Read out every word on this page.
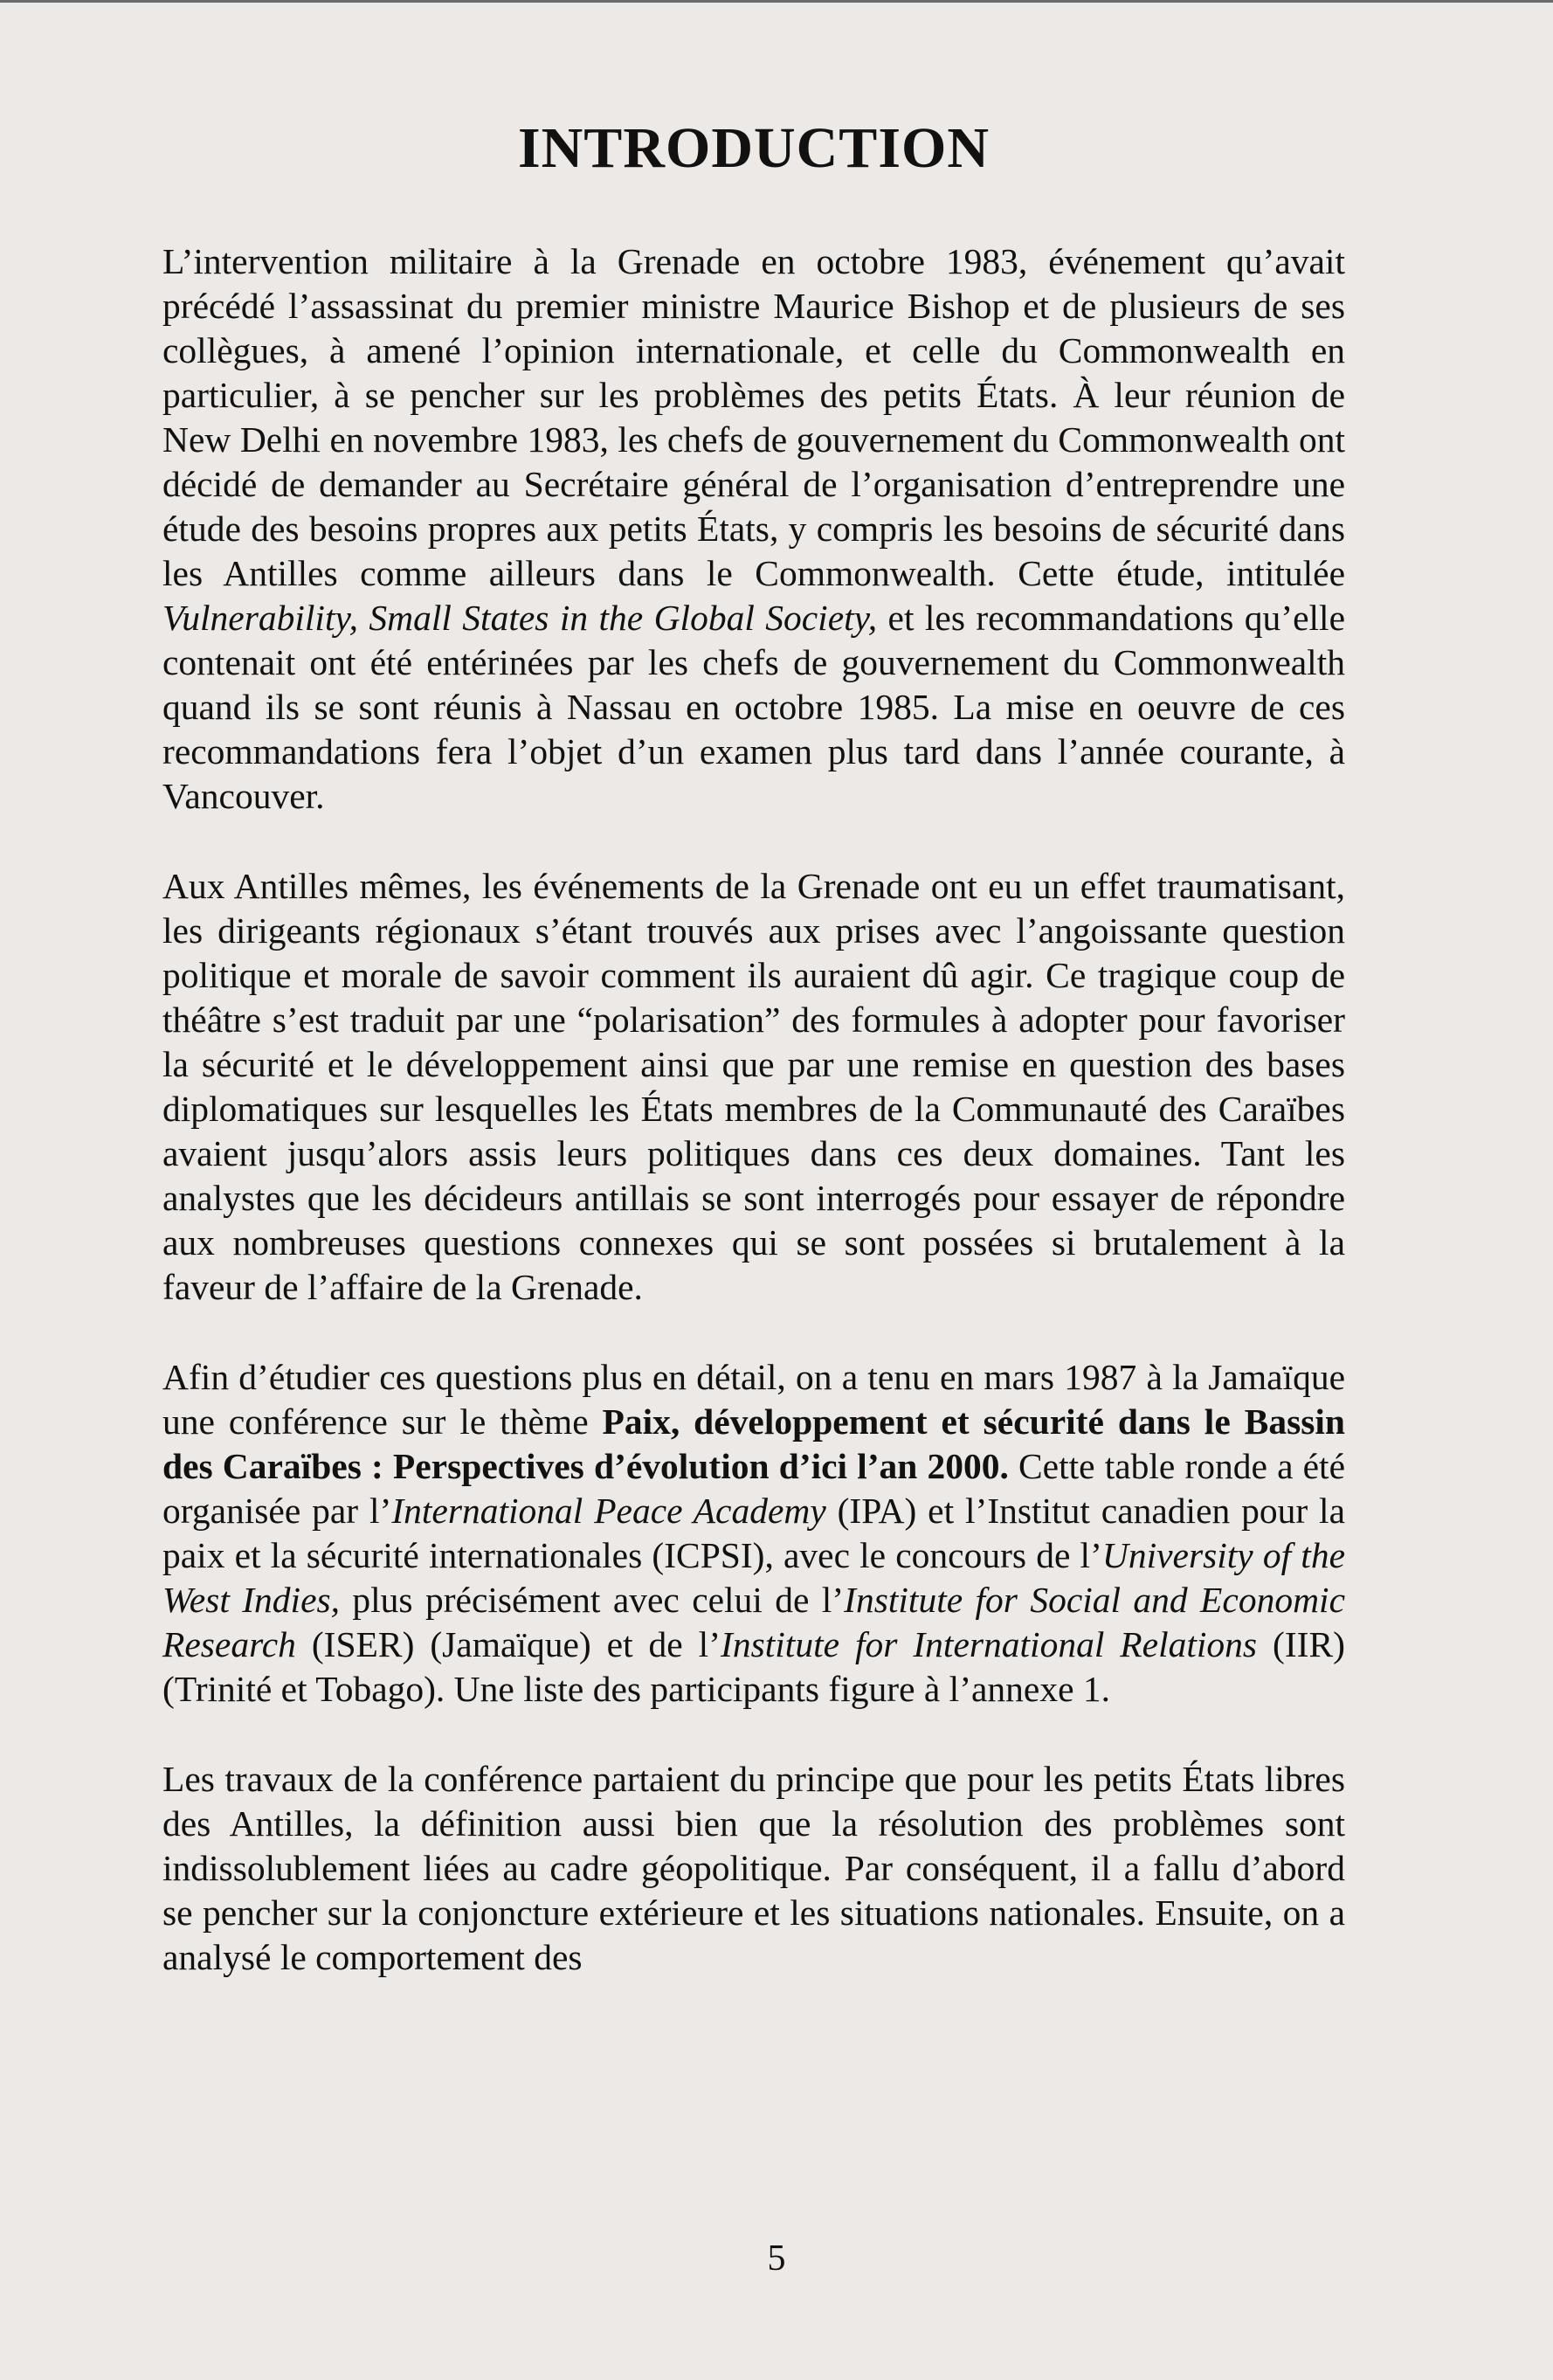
INTRODUCTION

L’intervention militaire à la Grenade en octobre 1983, événement qu’avait précédé l’assassinat du premier ministre Maurice Bishop et de plusieurs de ses collègues, à amené l’opinion internationale, et celle du Commonwealth en particulier, à se pencher sur les problèmes des petits États. À leur réunion de New Delhi en novembre 1983, les chefs de gouvernement du Commonwealth ont décidé de demander au Secrétaire général de l’organisation d’entreprendre une étude des besoins propres aux petits États, y compris les besoins de sécurité dans les Antilles comme ailleurs dans le Commonwealth. Cette étude, intitulée Vulnerability, Small States in the Global Society, et les recommandations qu’elle contenait ont été entérinées par les chefs de gouvernement du Commonwealth quand ils se sont réunis à Nassau en octobre 1985. La mise en oeuvre de ces recommandations fera l’objet d’un examen plus tard dans l’année courante, à Vancouver.

Aux Antilles mêmes, les événements de la Grenade ont eu un effet traumatisant, les dirigeants régionaux s’étant trouvés aux prises avec l’angoissante question politique et morale de savoir comment ils auraient dû agir. Ce tragique coup de théâtre s’est traduit par une “polarisation” des formules à adopter pour favoriser la sécurité et le développement ainsi que par une remise en question des bases diplomatiques sur lesquelles les États membres de la Communauté des Caraïbes avaient jusqu’alors assis leurs politiques dans ces deux domaines. Tant les analystes que les décideurs antillais se sont interrogés pour essayer de répondre aux nombreuses questions connexes qui se sont possées si brutalement à la faveur de l’affaire de la Grenade.

Afin d’étudier ces questions plus en détail, on a tenu en mars 1987 à la Jamaïque une conférence sur le thème Paix, développement et sécurité dans le Bassin des Caraïbes : Perspectives d’évolution d’ici l’an 2000. Cette table ronde a été organisée par l’International Peace Academy (IPA) et l’Institut canadien pour la paix et la sécurité internationales (ICPSI), avec le concours de l’University of the West Indies, plus précisément avec celui de l’Institute for Social and Economic Research (ISER) (Jamaïque) et de l’Institute for International Relations (IIR) (Trinité et Tobago). Une liste des participants figure à l’annexe 1.

Les travaux de la conférence partaient du principe que pour les petits États libres des Antilles, la définition aussi bien que la résolution des problèmes sont indissolublement liées au cadre géopolitique. Par conséquent, il a fallu d’abord se pencher sur la conjoncture extérieure et les situations nationales. Ensuite, on a analysé le comportement des

5
